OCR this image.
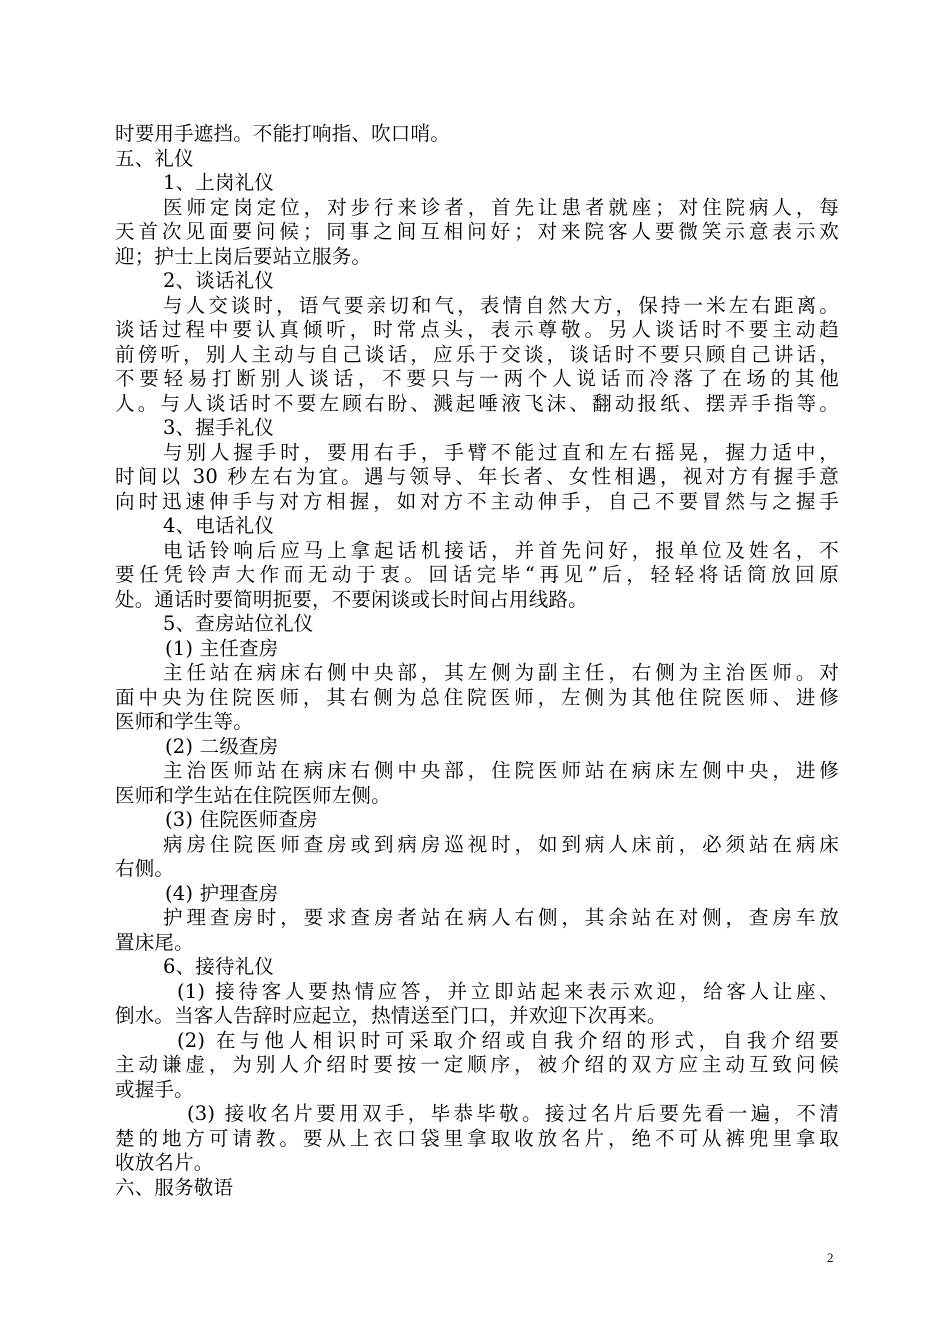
时要用手遮挡。不能打响指、吹口哨。
五、礼仪
1、上岗礼仪
医师定岗定位，对步行来诊者，首先让患者就座；对住院病人，每
天首次见面要问候；同事之间互相问好；对来院客人要微笑示意表示欢
迎；护士上岗后要站立服务。
2、谈话礼仪
与人交谈时，语气要亲切和气，表情自然大方，保持一米左右距离。
谈话过程中要认真倾听，时常点头，表示尊敬。另人谈话时不要主动趋
前傍听，别人主动与自己谈话，应乐于交谈，谈话时不要只顾自己讲话，
不要轻易打断别人谈话，不要只与一两个人说话而冷落了在场的其他
人。与人谈话时不要左顾右盼、溅起唾液飞沫、翻动报纸、摆弄手指等。
3、握手礼仪
与别人握手时，要用右手，手臂不能过直和左右摇晃，握力适中，
时间以 30 秒左右为宜。遇与领导、年长者、女性相遇，视对方有握手意
向时迅速伸手与对方相握，如对方不主动伸手，自己不要冒然与之握手
4、电话礼仪
电话铃响后应马上拿起话机接话，并首先问好，报单位及姓名，不
要任凭铃声大作而无动于衷。回话完毕“再见”后，轻轻将话筒放回原
处。通话时要简明扼要，不要闲谈或长时间占用线路。
5、查房站位礼仪
(1) 主任查房
主任站在病床右侧中央部，其左侧为副主任，右侧为主治医师。对
面中央为住院医师，其右侧为总住院医师，左侧为其他住院医师、进修
医师和学生等。
(2) 二级查房
主治医师站在病床右侧中央部，住院医师站在病床左侧中央，进修
医师和学生站在住院医师左侧。
(3) 住院医师查房
病房住院医师查房或到病房巡视时，如到病人床前，必须站在病床
右侧。
(4) 护理查房
护理查房时，要求查房者站在病人右侧，其余站在对侧，查房车放
置床尾。
6、接待礼仪
(1) 接待客人要热情应答，并立即站起来表示欢迎，给客人让座、
倒水。当客人告辞时应起立，热情送至门口，并欢迎下次再来。
(2) 在与他人相识时可采取介绍或自我介绍的形式，自我介绍要
主动谦虚，为别人介绍时要按一定顺序，被介绍的双方应主动互致问候
或握手。
(3) 接收名片要用双手，毕恭毕敬。接过名片后要先看一遍，不清
楚的地方可请教。要从上衣口袋里拿取收放名片，绝不可从裤兜里拿取
收放名片。
六、服务敬语
2
